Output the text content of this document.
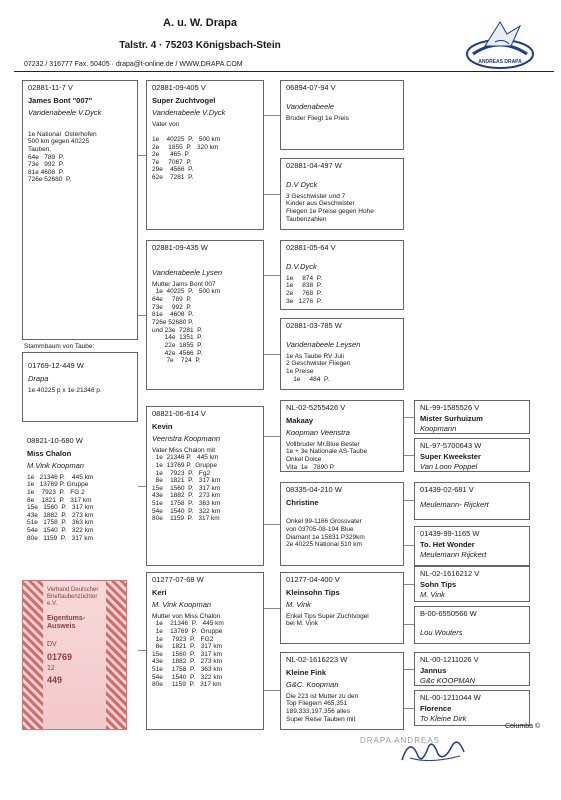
A. u. W. Drapa
Talstr. 4 · 75203 Königsbach-Stein
07232 / 316777 Fax. 50405 · drapa@t-online.de / WWW.DRAPA.COM	ANDREAS DRAPA
02881-11-7 V
James Bont "007"
Vandenabeele V.Dyck
1e National  Osterhofen
500 km gegen 40225
Tauben.
64e   789  P.
73e   992  P.
81e 4608  P.
726e 52680  P.
Stammbaum von Taube:
01769-12-449 W
Drapa
1e 40225 p x 1e 21346 p.
08821-10-680 W
Miss Chalon
M.Vink Koopman
1e   21346 P.    445 km
1e   13769 P. Gruppe
1e    7923  P.   FG 2
8e    1821  P.   317 km
15e   1560  P.   317 km
43e   1882  P.   273 km
51e   1758  P.   363 km
54e   1540  P.   322 km
80e   1159  P.   317 km
02881-09-405 V
Super Zuchtvogel
Vandenabeele V.Dyck
Vater von

1e    40225  P.   500 km
2e     1855  P.   320 km
2e      465  P.
7e     7067  P.
29e    4566  P.
62e    7281  P.
02881-09-435 W
Vandenabeele Lysen
Mutter Jams Bont 007
1e  40225  P.   500 km
64e     789  P.
73e     992  P.
81e    4608  P.
726e 52680 P.
und 23e  7281  P.
14e  1351  P.
22e  1855  P.
42e  4566  P.
7e    724  P.
08821-06-614 V
Kevin
Veenstra Koopmann
Vater Miss Chalon mit
1e  21346 P.   445 km
1e  13769 P.  Gruppe
1e    7923  P.   Fg2
8e    1821  P.   317 km
15e    1560  P.   317 km
43e    1882  P.   273 km
51e    1758  P.   363 km
54e    1540  P.   322 km
80e    1159  P.   317 km
01277-07-68 W
Keri
M. Vink Koopman
Mutter von Miss Chalon
1e    21346  P.   445 km
1e    13769  P.  Gruppe
1e     7923  P.   FG2
8e     1821  P.   317 km
15e     1560  P.   317 km
43e     1882  P.   273 km
51e     1758  P.   363 km
54e     1540  P.   322 km
80e     1159  P.   317 km
06894-07-94 V
Vandenabeele
Bruder Fliegt 1e Preis
02881-04-497 W
D.V Dyck
3 Geschwister und 7
Kinder aus Geschwister
Fliegen 1e Preise gegen Hohe
Taubenzahlen
02881-05-64 V
D.V.Dyck
1e     874  P.
1e     838  P.
2e     768  P.
3e   1276  P.
02881-03-785 W
Vandenabeele Leysen
1e As Taube RV Juli
2 Geschwister Fliegen
1e Preise
1e     484  P.
NL-02-5255426 V
Makaay
Koopman Veenstra
Vollbruder Mr.Blue Bester
1e + 3e Nationale AS-Taube
Onkel Dolce
Vita  1e   7890 P.
08335-04-210 W
Christine

Onkel 99-1166 Grossvater
von 03705-08-194 Blue
Diamant 1e 15831 P329km
2e 40225 National 510 km
01277-04-400 V
Kleinsohn Tips
M. Vink
Enkel Tips Super Zuchtvogel
bei M. Vink
NL-02-1616223 W
Kleine Fink
G&C. Koopman
Die 223 ist Mutter zu den
Top Fliegern 465,351
189,333,197,356 alles
Super Reise Tauben mit
NL-99-1585526 V
Mister Surhuizum
Koopmann
NL-97-5700643 W
Super Kweekster
Van Loon Poppel
01439-02-681 V
Meulemann- Rijckert
01439-99-1165 W
To. Het Wonder
Meulemann Rijckert
NL-02-1616212 V
Sohn Tips
M. Vink
B-00-6550566 W
Lou Wouters
NL-00-1211026 V
Jannus
G&c KOOPMAN
NL-00-1211044 W
Florence
To Kleine Dirk
Verband Deutscher Brieftaubenzüchter e.V.
Eigentums-Ausweis
DV
01769
12
449
Columba ©
DRAPA ANDREAS
